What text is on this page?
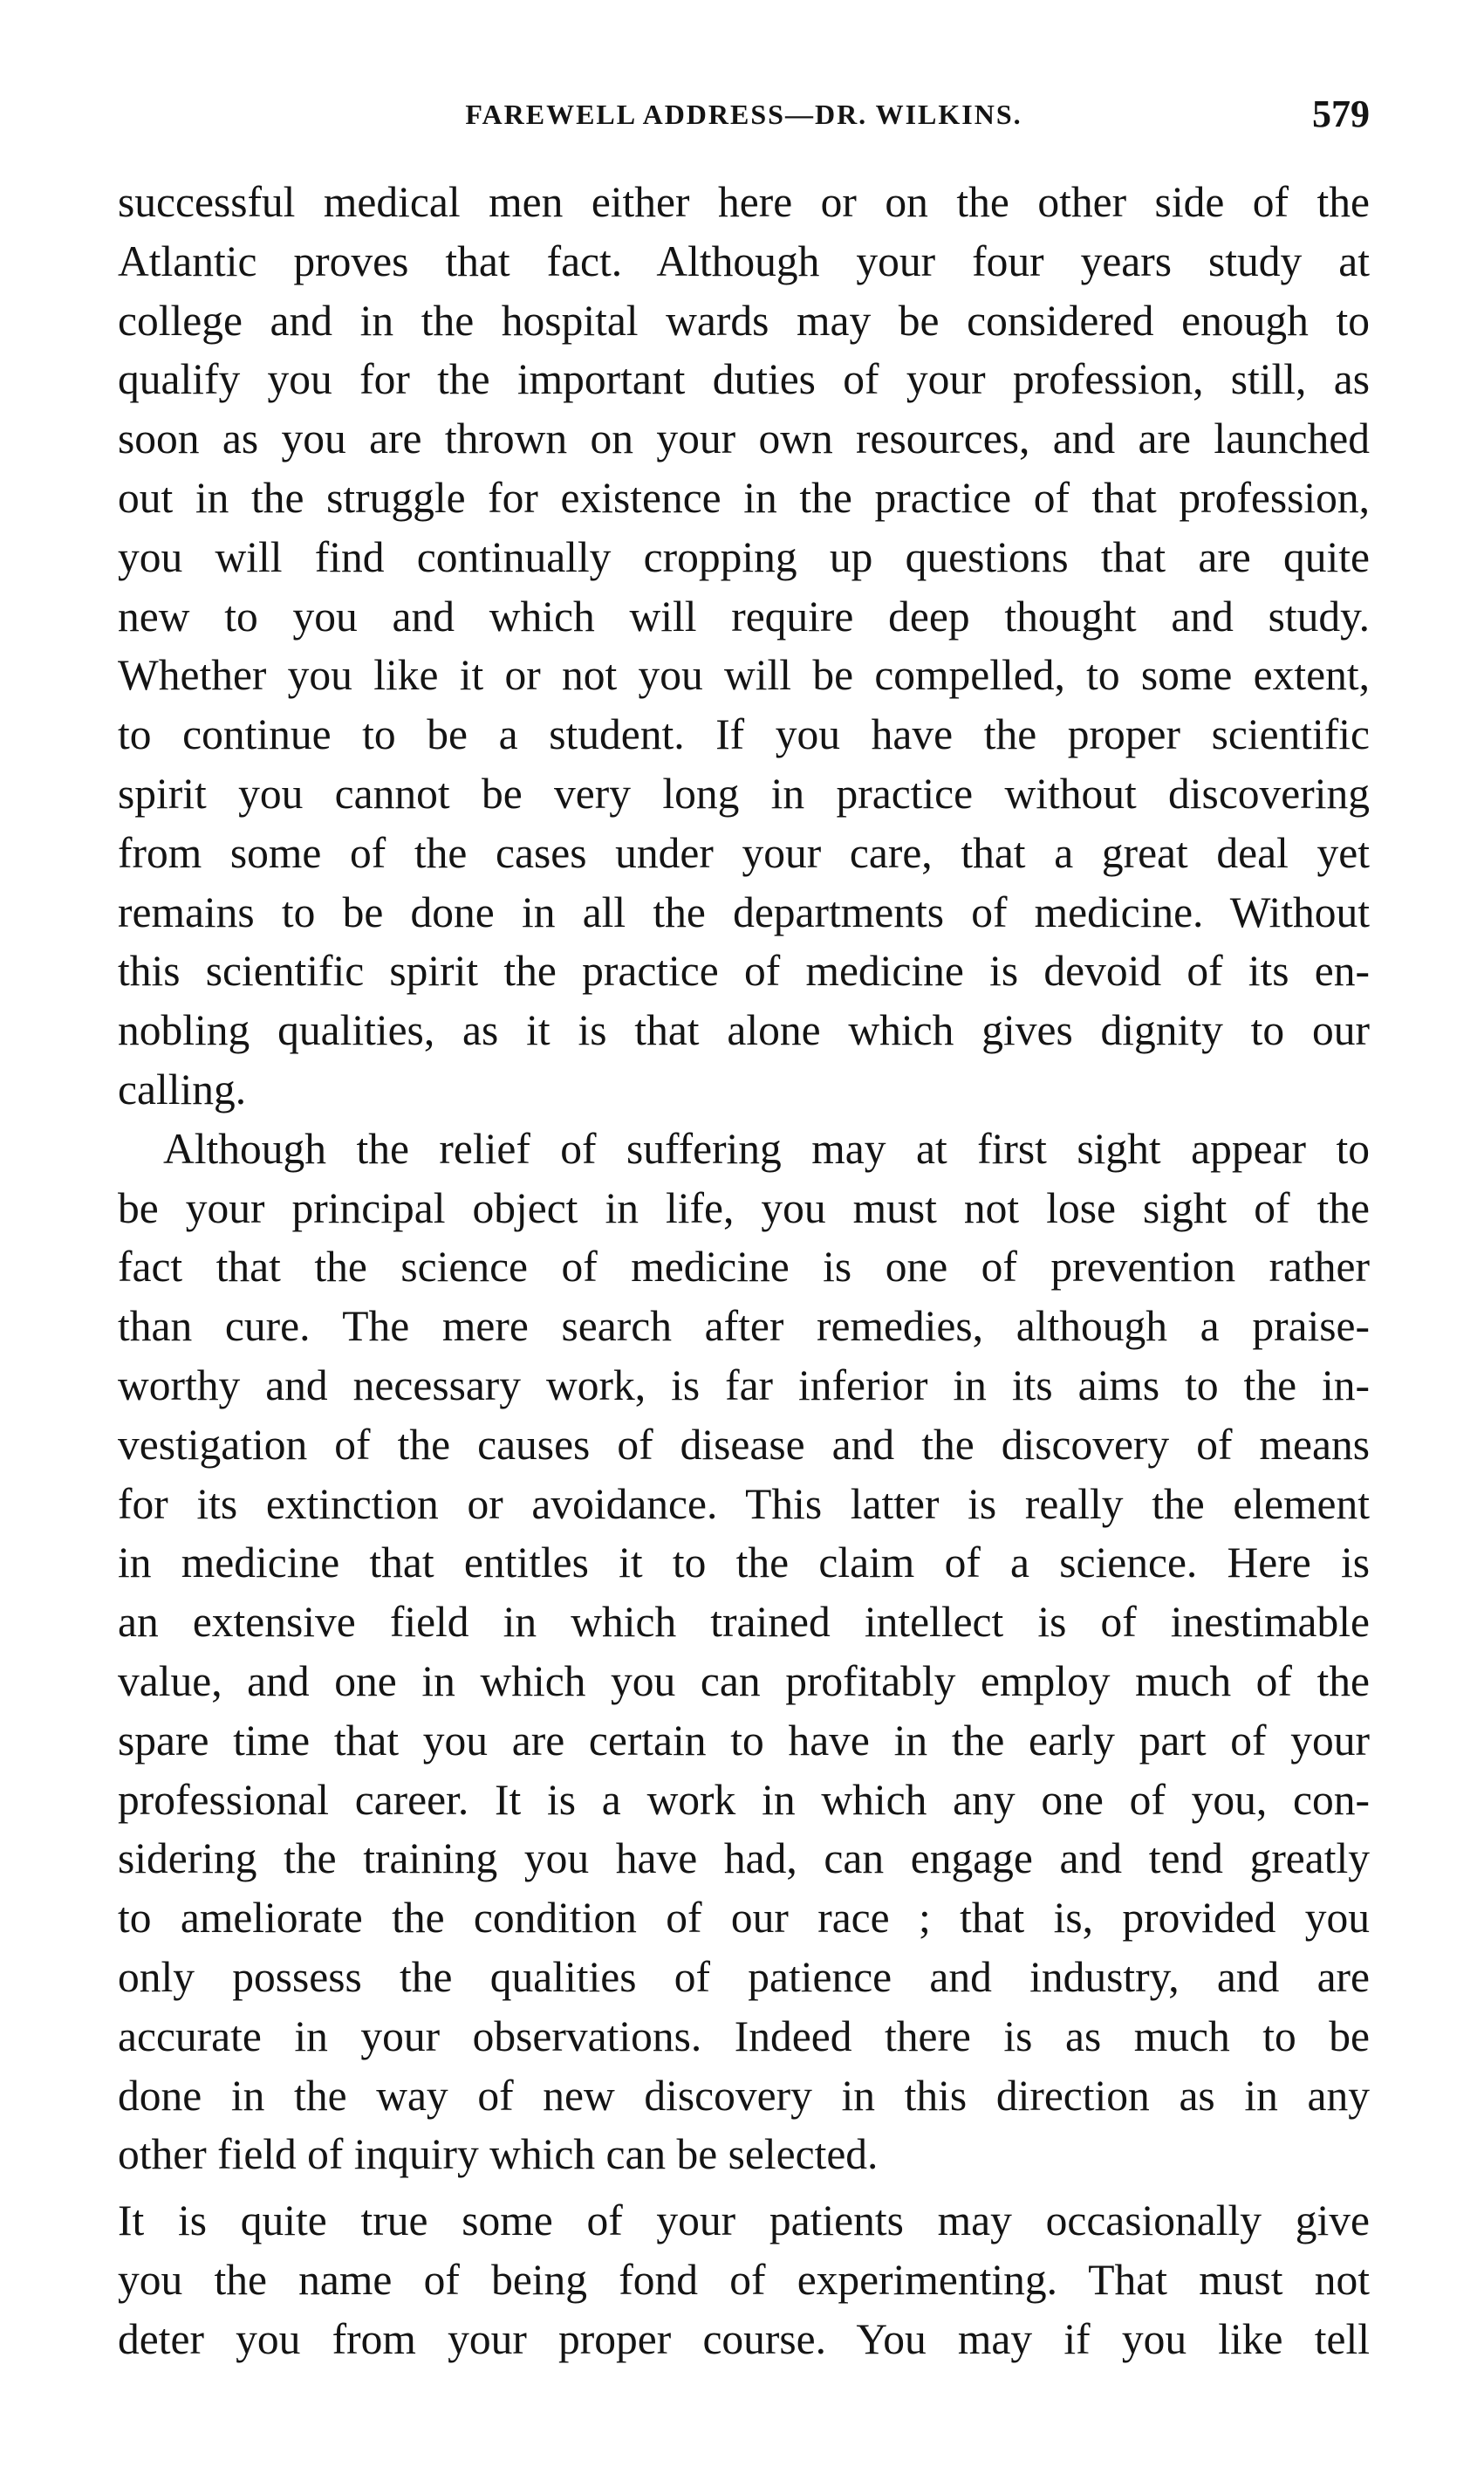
FAREWELL ADDRESS—DR. WILKINS.	579

successful medical men either here or on the other side of the
Atlantic proves that fact. Although your four years study at
college and in the hospital wards may be considered enough to
qualify you for the important duties of your profession, still, as
soon as you are thrown on your own resources, and are launched
out in the struggle for existence in the practice of that profession,
you will find continually cropping up questions that are quite
new to you and which will require deep thought and study.
Whether you like it or not you will be compelled, to some extent,
to continue to be a student. If you have the proper scientific
spirit you cannot be very long in practice without discovering
from some of the cases under your care, that a great deal yet
remains to be done in all the departments of medicine. Without
this scientific spirit the practice of medicine is devoid of its en-
nobling qualities, as it is that alone which gives dignity to our
calling.

Although the relief of suffering may at first sight appear to
be your principal object in life, you must not lose sight of the
fact that the science of medicine is one of prevention rather
than cure. The mere search after remedies, although a praise-
worthy and necessary work, is far inferior in its aims to the in-
vestigation of the causes of disease and the discovery of means
for its extinction or avoidance. This latter is really the element
in medicine that entitles it to the claim of a science. Here is
an extensive field in which trained intellect is of inestimable
value, and one in which you can profitably employ much of the
spare time that you are certain to have in the early part of your
professional career. It is a work in which any one of you, con-
sidering the training you have had, can engage and tend greatly
to ameliorate the condition of our race ; that is, provided you
only possess the qualities of patience and industry, and are
accurate in your observations. Indeed there is as much to be
done in the way of new discovery in this direction as in any
other field of inquiry which can be selected.

It is quite true some of your patients may occasionally give
you the name of being fond of experimenting. That must not
deter you from your proper course. You may if you like tell
